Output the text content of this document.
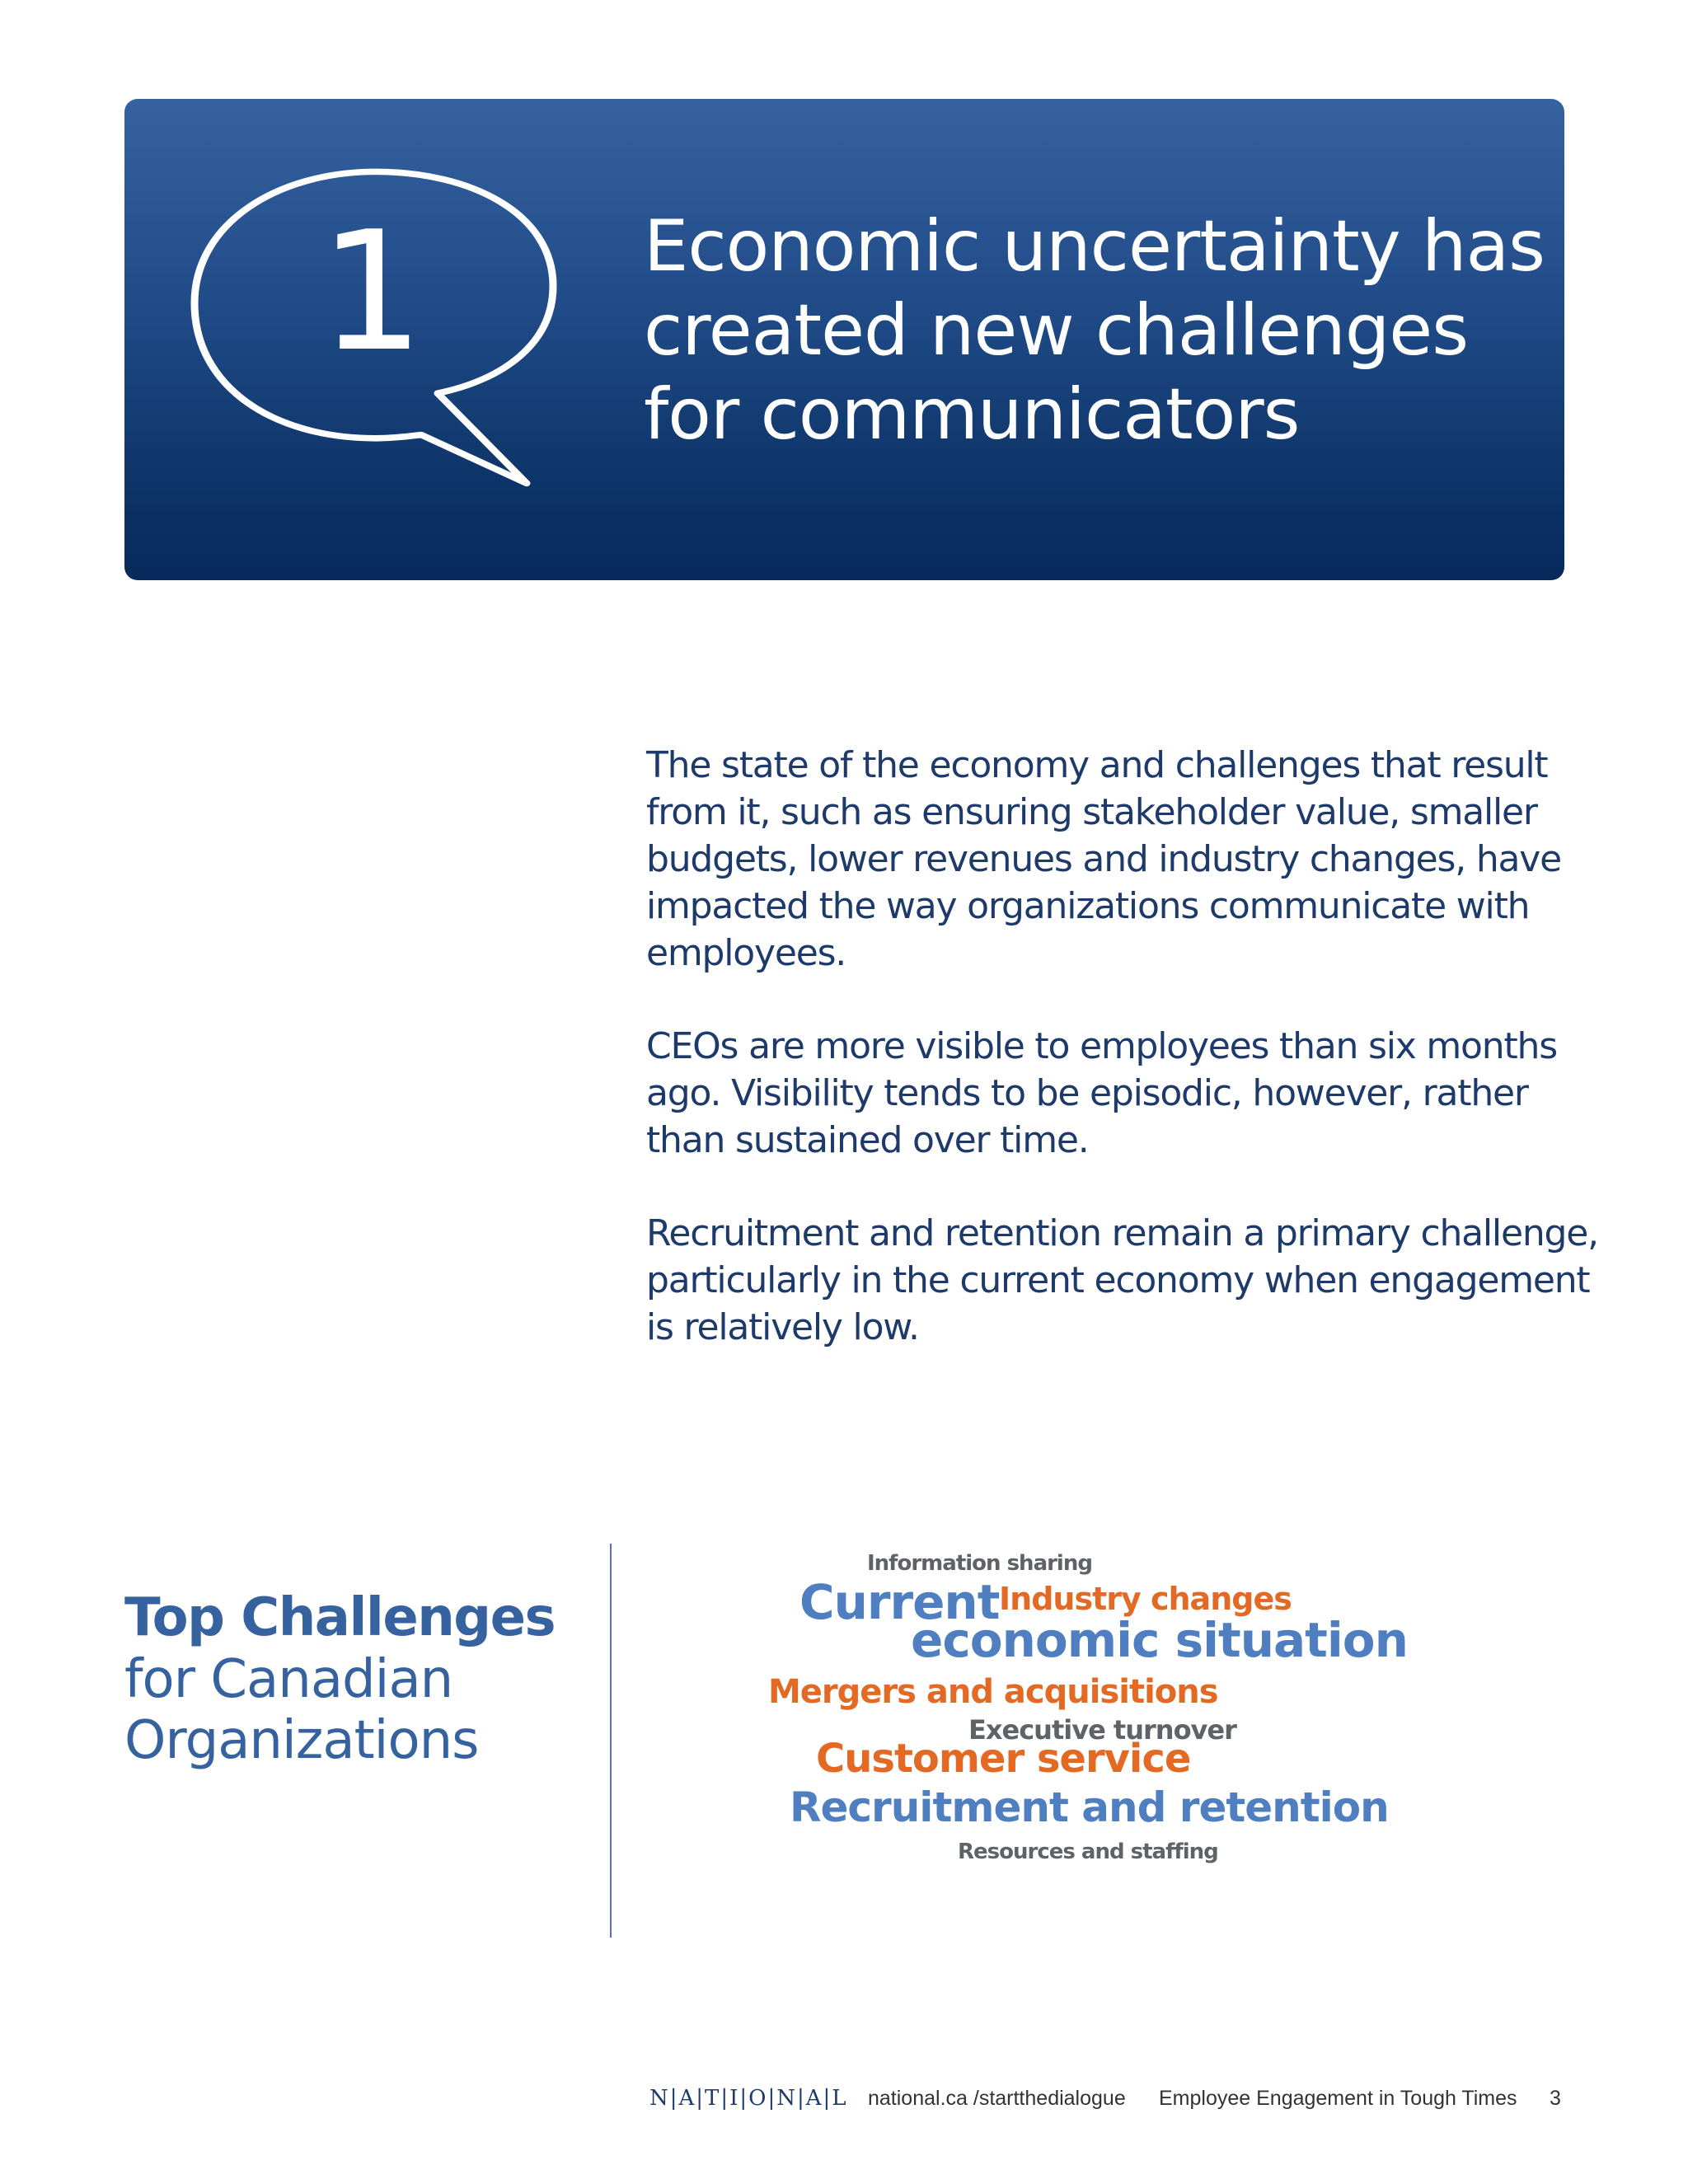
1	Economic uncertainty has
created new challenges
for communicators
The state of the economy and challenges that result
from it, such as ensuring stakeholder value, smaller
budgets, lower revenues and industry changes, have
impacted the way organizations communicate with
employees.
CEOs are more visible to employees than six months
ago. Visibility tends to be episodic, however, rather
than sustained over time.
Recruitment and retention remain a primary challenge,
particularly in the current economy when engagement
is relatively low.
Top Challenges
for Canadian
Organizations
Information sharing
Current Industry changes
economic situation
Mergers and acquisitions
Executive turnover
Customer service
Recruitment and retention
Resources and staffing
N|A|T|I|O|N|A|L national.ca /startthedialogue Employee Engagement in Tough Times 3
